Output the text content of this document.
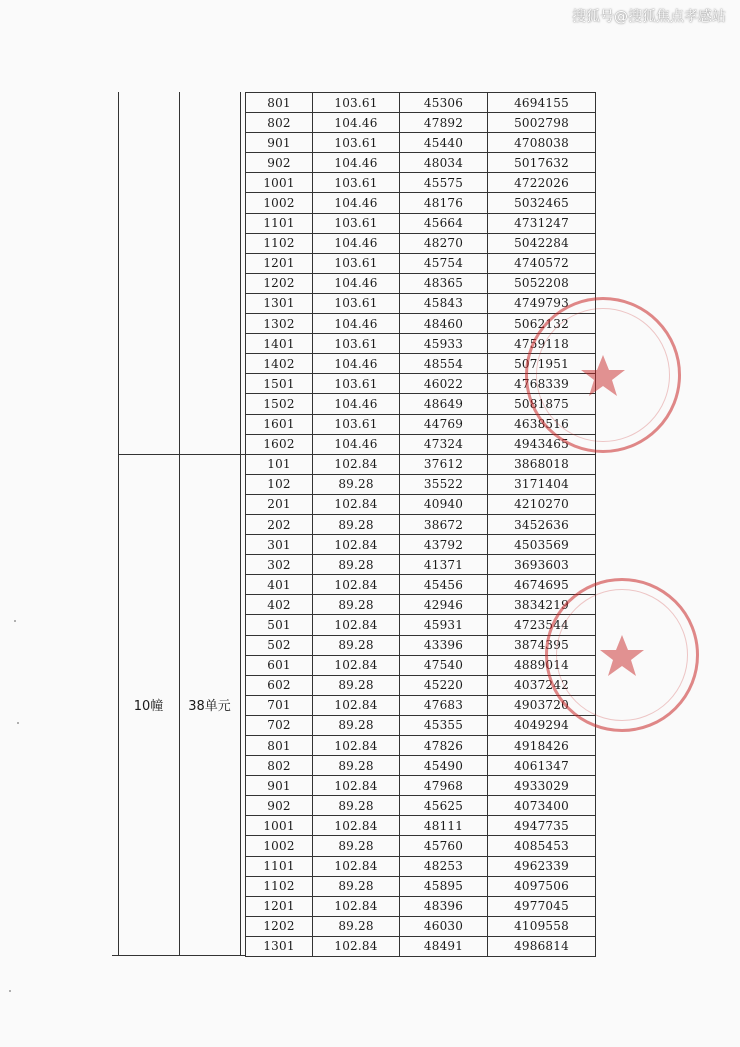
搜狐号@搜狐焦点孝感站
10幢	38单元
801	103.61	45306	4694155
802	104.46	47892	5002798
901	103.61	45440	4708038
902	104.46	48034	5017632
1001	103.61	45575	4722026
1002	104.46	48176	5032465
1101	103.61	45664	4731247
1102	104.46	48270	5042284
1201	103.61	45754	4740572
1202	104.46	48365	5052208
1301	103.61	45843	4749793
1302	104.46	48460	5062132
1401	103.61	45933	4759118
1402	104.46	48554	5071951
1501	103.61	46022	4768339
1502	104.46	48649	5081875
1601	103.61	44769	4638516
1602	104.46	47324	4943465
101	102.84	37612	3868018
102	89.28	35522	3171404
201	102.84	40940	4210270
202	89.28	38672	3452636
301	102.84	43792	4503569
302	89.28	41371	3693603
401	102.84	45456	4674695
402	89.28	42946	3834219
501	102.84	45931	4723544
502	89.28	43396	3874395
601	102.84	47540	4889014
602	89.28	45220	4037242
701	102.84	47683	4903720
702	89.28	45355	4049294
801	102.84	47826	4918426
802	89.28	45490	4061347
901	102.84	47968	4933029
902	89.28	45625	4073400
1001	102.84	48111	4947735
1002	89.28	45760	4085453
1101	102.84	48253	4962339
1102	89.28	45895	4097506
1201	102.84	48396	4977045
1202	89.28	46030	4109558
1301	102.84	48491	4986814
